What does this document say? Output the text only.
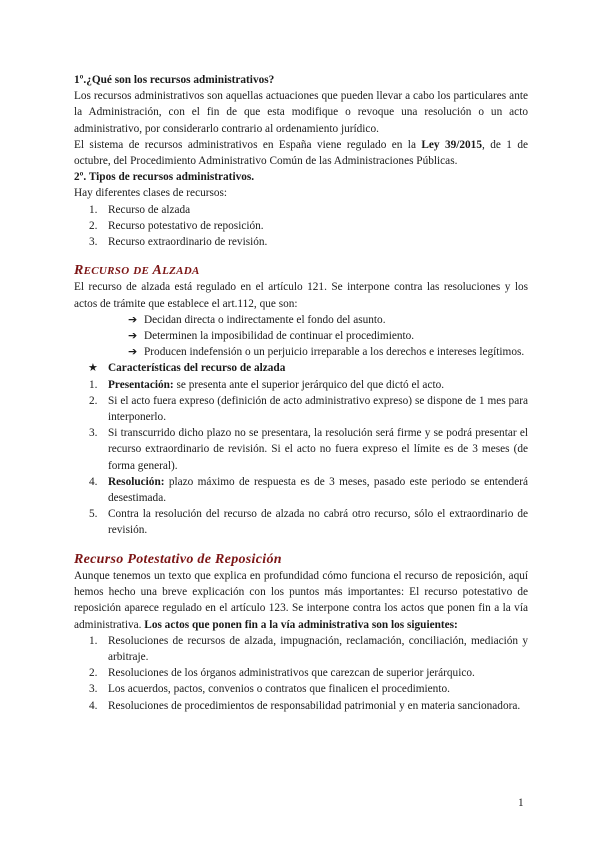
1º.¿Qué son los recursos administrativos?

Los recursos administrativos son aquellas actuaciones que pueden llevar a cabo los particulares ante la Administración, con el fin de que esta modifique o revoque una resolución o un acto administrativo, por considerarlo contrario al ordenamiento jurídico.

El sistema de recursos administrativos en España viene regulado en la Ley 39/2015, de 1 de octubre, del Procedimiento Administrativo Común de las Administraciones Públicas.

2º. Tipos de recursos administrativos.

Hay diferentes clases de recursos:

1. Recurso de alzada
2. Recurso potestativo de reposición.
3. Recurso extraordinario de revisión.

RECURSO DE ALZADA

El recurso de alzada está regulado en el artículo 121. Se interpone contra las resoluciones y los actos de trámite que establece el art.112, que son:

➔ Decidan directa o indirectamente el fondo del asunto.
➔ Determinen la imposibilidad de continuar el procedimiento.
➔ Producen indefensión o un perjuicio irreparable a los derechos e intereses legítimos.

★ Características del recurso de alzada

1. Presentación: se presenta ante el superior jerárquico del que dictó el acto.
2. Si el acto fuera expreso (definición de acto administrativo expreso) se dispone de 1 mes para interponerlo.
3. Si transcurrido dicho plazo no se presentara, la resolución será firme y se podrá presentar el recurso extraordinario de revisión. Si el acto no fuera expreso el límite es de 3 meses (de forma general).
4. Resolución: plazo máximo de respuesta es de 3 meses, pasado este periodo se entenderá desestimada.
5. Contra la resolución del recurso de alzada no cabrá otro recurso, sólo el extraordinario de revisión.

Recurso Potestativo de Reposición

Aunque tenemos un texto que explica en profundidad cómo funciona el recurso de reposición, aquí hemos hecho una breve explicación con los puntos más importantes: El recurso potestativo de reposición aparece regulado en el artículo 123. Se interpone contra los actos que ponen fin a la vía administrativa. Los actos que ponen fin a la vía administrativa son los siguientes:

1. Resoluciones de recursos de alzada, impugnación, reclamación, conciliación, mediación y arbitraje.
2. Resoluciones de los órganos administrativos que carezcan de superior jerárquico.
3. Los acuerdos, pactos, convenios o contratos que finalicen el procedimiento.
4. Resoluciones de procedimientos de responsabilidad patrimonial y en materia sancionadora.
1
